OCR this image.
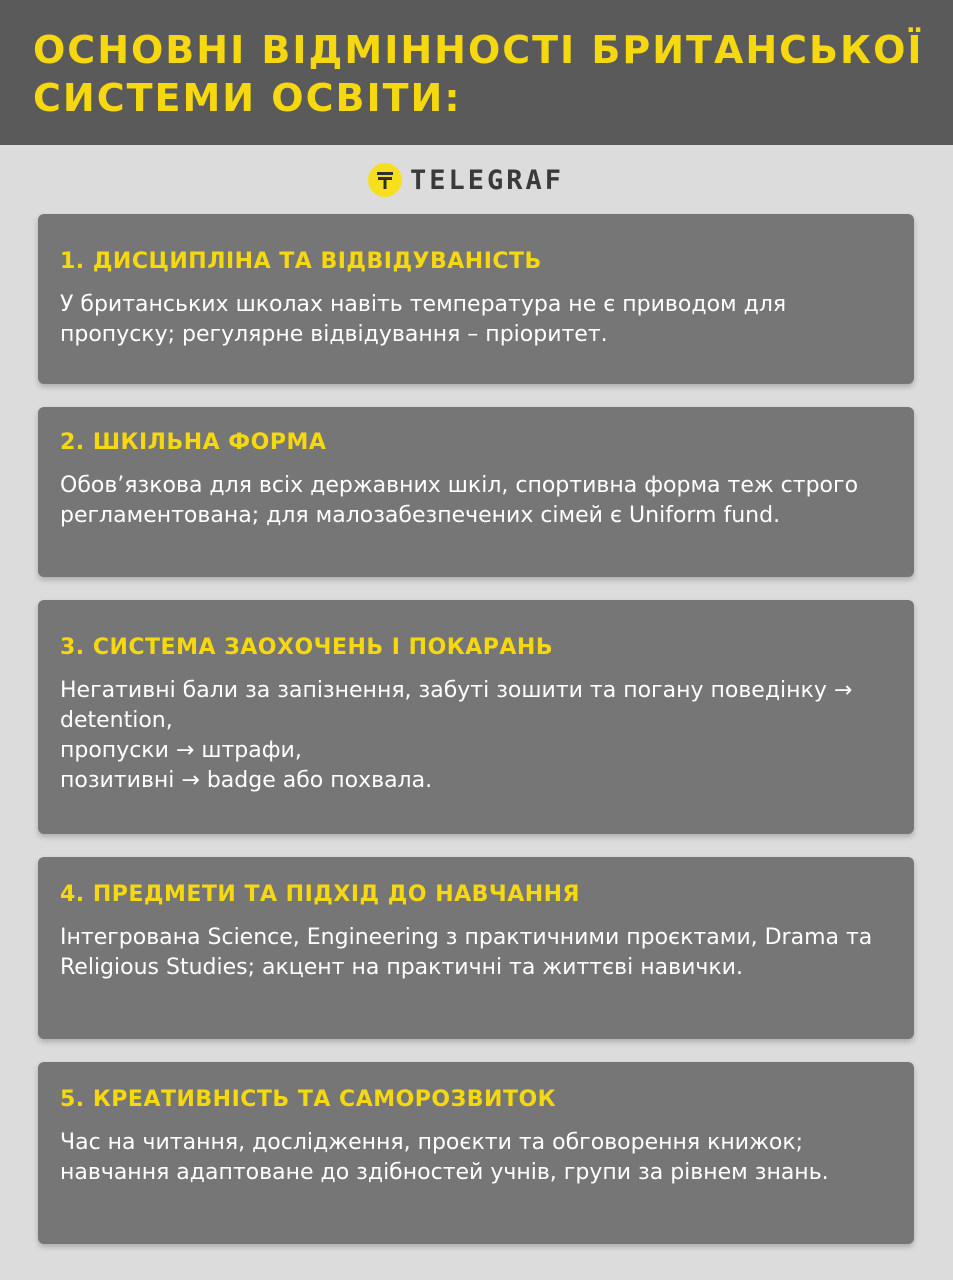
ОСНОВНІ ВІДМІННОСТІ БРИТАНСЬКОЇ СИСТЕМИ ОСВІТИ:
TELEGRAF
1. ДИСЦИПЛІНА ТА ВІДВІДУВАНІСТЬ

У британських школах навіть температура не є приводом для пропуску; регулярне відвідування – пріоритет.

2. ШКІЛЬНА ФОРМА

Обов’язкова для всіх державних шкіл, спортивна форма теж строго регламентована; для малозабезпечених сімей є Uniform fund.

3. СИСТЕМА ЗАОХОЧЕНЬ І ПОКАРАНЬ

Негативні бали за запізнення, забуті зошити та погану поведінку → detention,
пропуски → штрафи,
позитивні → badge або похвала.

4. ПРЕДМЕТИ ТА ПІДХІД ДО НАВЧАННЯ

Інтегрована Science, Engineering з практичними проєктами, Drama та Religious Studies; акцент на практичні та життєві навички.

5. КРЕАТИВНІСТЬ ТА САМОРОЗВИТОК

Час на читання, дослідження, проєкти та обговорення книжок; навчання адаптоване до здібностей учнів, групи за рівнем знань.
